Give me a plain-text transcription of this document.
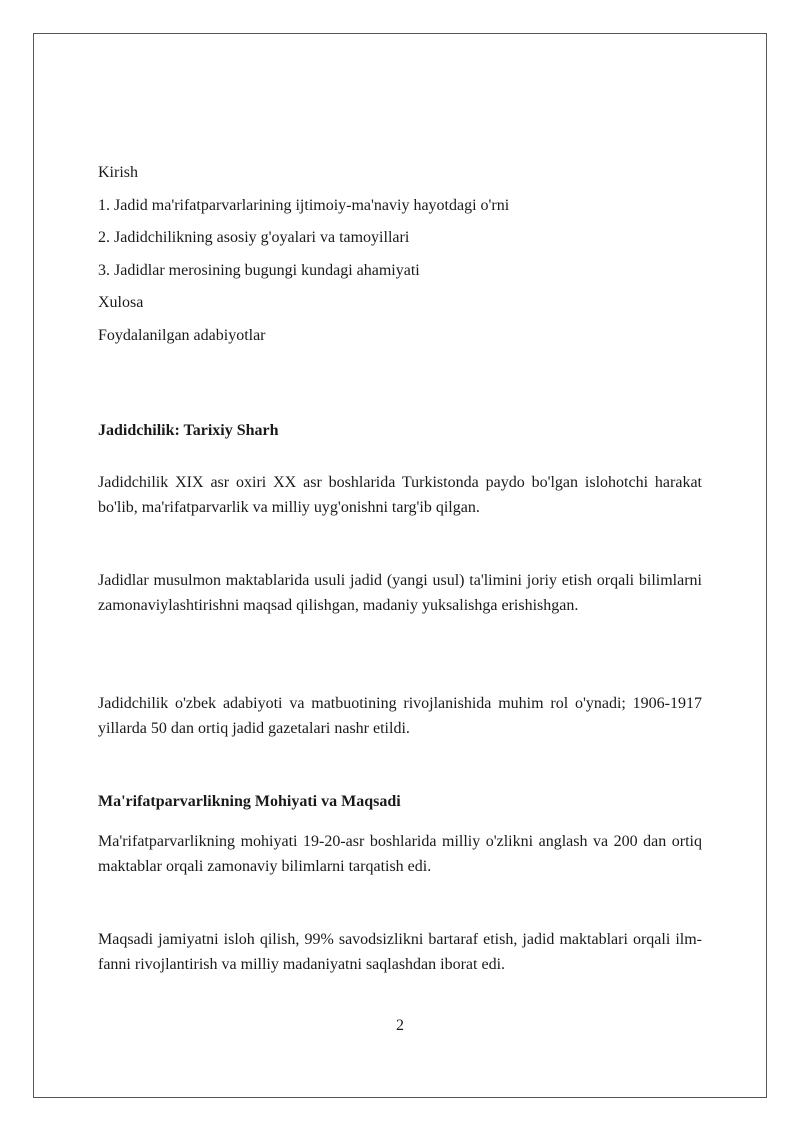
Kirish
1. Jadid ma'rifatparvarlarining ijtimoiy-ma'naviy hayotdagi o'rni
2. Jadidchilikning asosiy g'oyalari va tamoyillari
3. Jadidlar merosining bugungi kundagi ahamiyati
Xulosa
Foydalanilgan adabiyotlar
Jadidchilik: Tarixiy Sharh
Jadidchilik XIX asr oxiri XX asr boshlarida Turkistonda paydo bo'lgan islohotchi harakat bo'lib, ma'rifatparvarlik va milliy uyg'onishni targ'ib qilgan.
Jadidlar musulmon maktablarida usuli jadid (yangi usul) ta'limini joriy etish orqali bilimlarni zamonaviylashtirishni maqsad qilishgan, madaniy yuksalishga erishishgan.
Jadidchilik o'zbek adabiyoti va matbuotining rivojlanishida muhim rol o'ynadi; 1906-1917 yillarda 50 dan ortiq jadid gazetalari nashr etildi.
Ma'rifatparvarlikning Mohiyati va Maqsadi
Ma'rifatparvarlikning mohiyati 19-20-asr boshlarida milliy o'zlikni anglash va 200 dan ortiq maktablar orqali zamonaviy bilimlarni tarqatish edi.
Maqsadi jamiyatni isloh qilish, 99% savodsizlikni bartaraf etish, jadid maktablari orqali ilm-fanni rivojlantirish va milliy madaniyatni saqlashdan iborat edi.
2
